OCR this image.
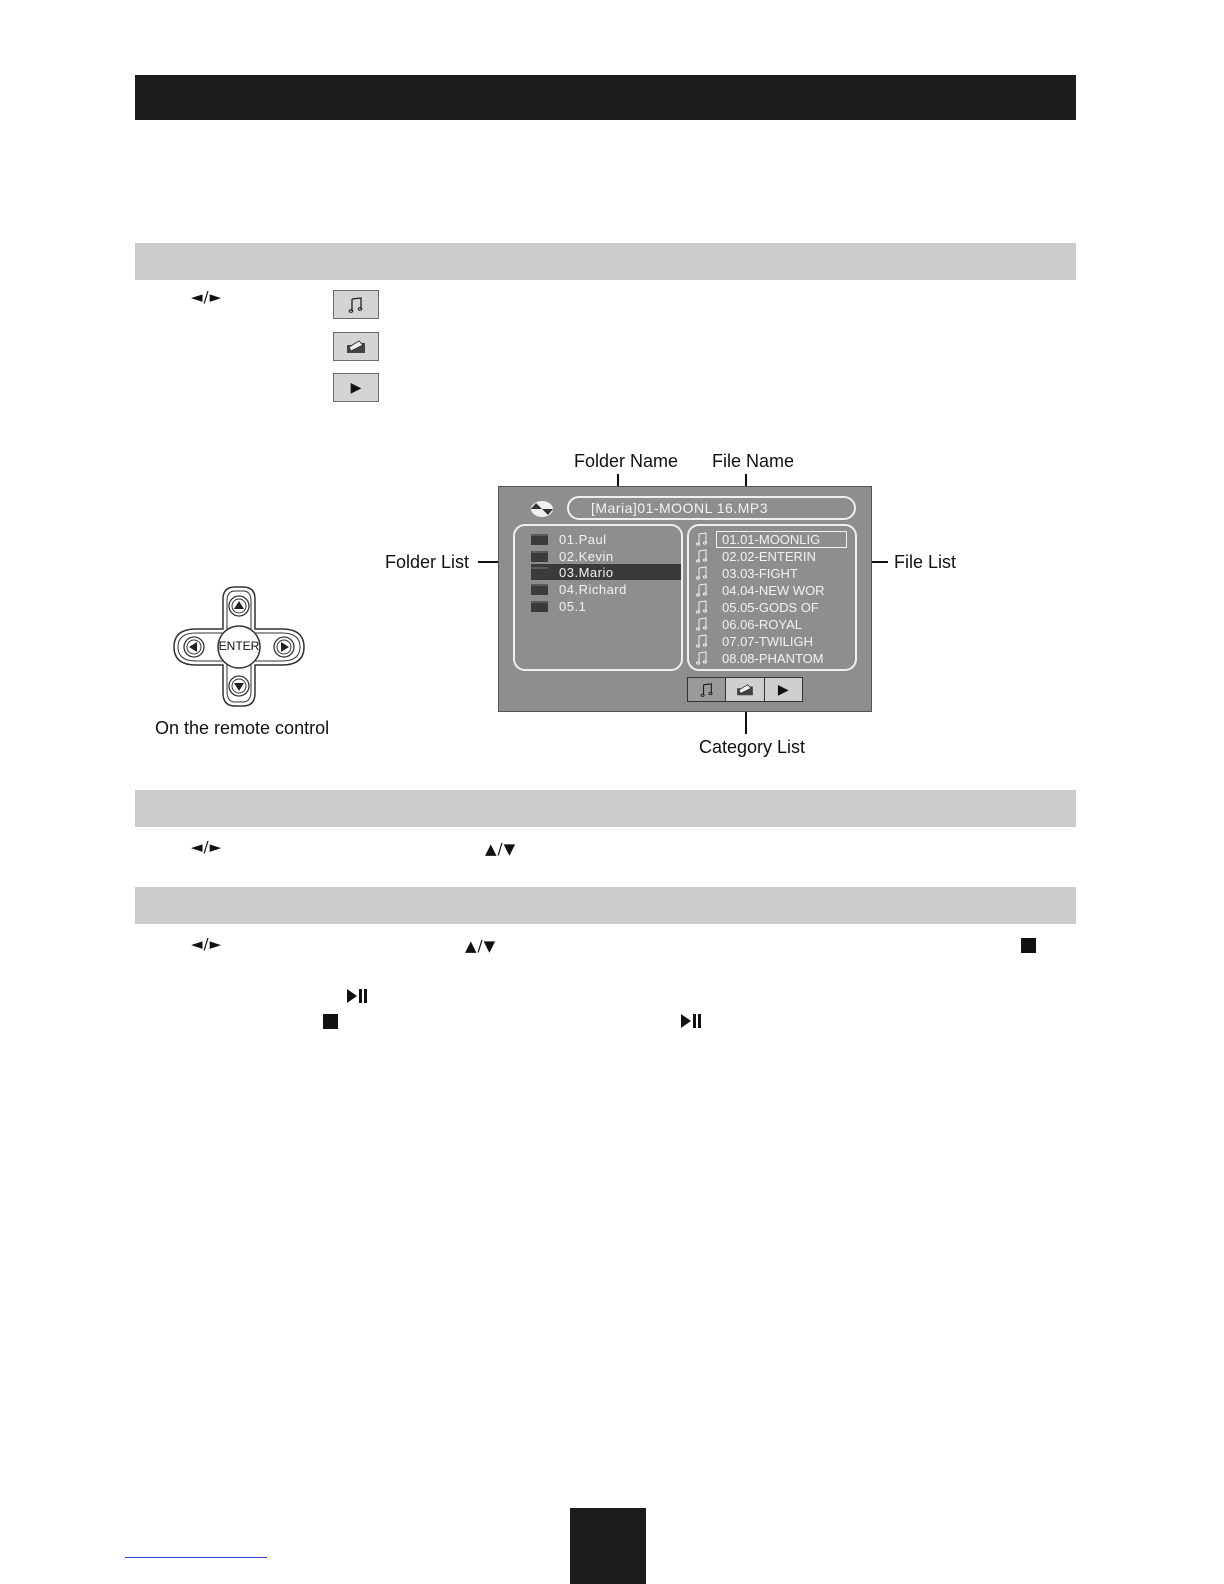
◄/►
▶
Folder Name File Name
Folder List	File List
Category List
[Maria]01-MOONL 16.MP3
01.Paul
02.Kevin
03.Mario
04.Richard
05.1
01.01-MOONLIG
02.02-ENTERIN
03.03-FIGHT
04.04-NEW WOR
05.05-GODS OF
06.06-ROYAL
07.07-TWILIGH
08.08-PHANTOM
▶
ENTER
On the remote control
◄/►	▲/▼
◄/►	▲/▼
